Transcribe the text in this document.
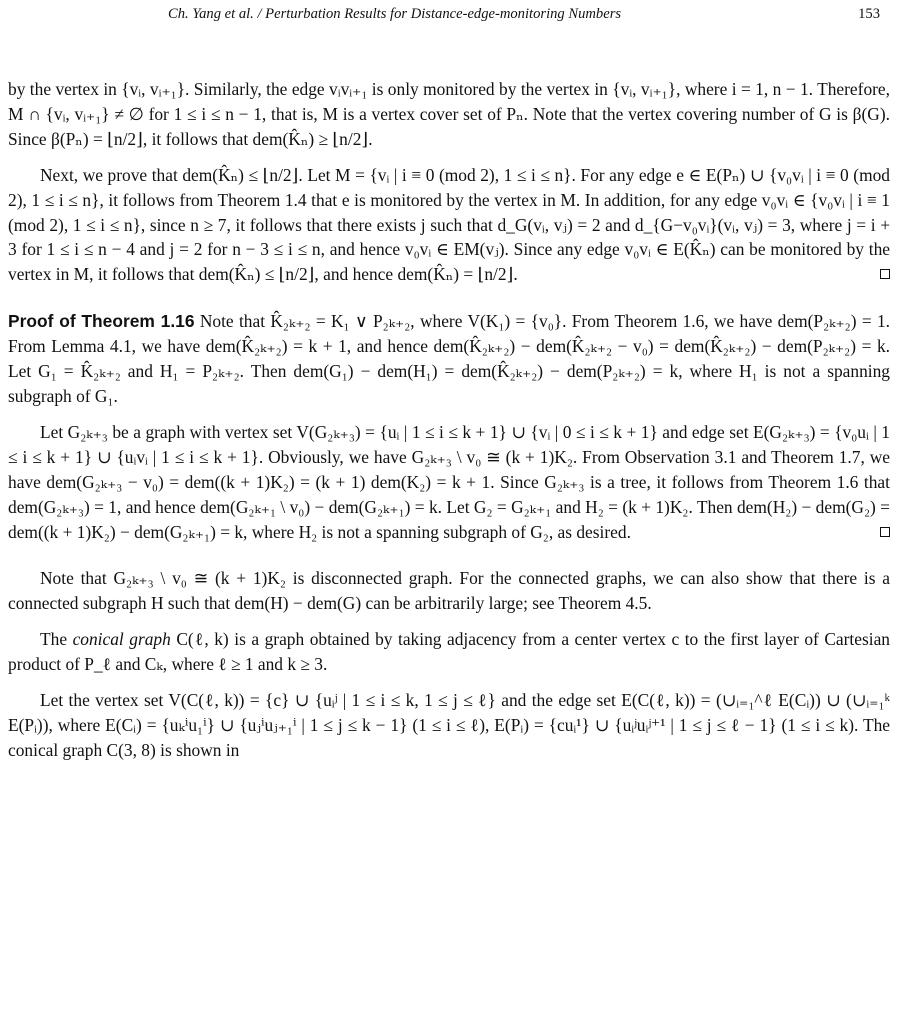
Ch. Yang et al. / Perturbation Results for Distance-edge-monitoring Numbers	153

by the vertex in {vᵢ, vᵢ₊₁}. Similarly, the edge vᵢvᵢ₊₁ is only monitored by the vertex in {vᵢ, vᵢ₊₁}, where i = 1, n − 1. Therefore, M ∩ {vᵢ, vᵢ₊₁} ≠ ∅ for 1 ≤ i ≤ n − 1, that is, M is a vertex cover set of Pₙ. Note that the vertex covering number of G is β(G). Since β(Pₙ) = ⌊n/2⌋, it follows that dem(K̂ₙ) ≥ ⌊n/2⌋.

Next, we prove that dem(K̂ₙ) ≤ ⌊n/2⌋. Let M = {vᵢ | i ≡ 0 (mod 2), 1 ≤ i ≤ n}. For any edge e ∈ E(Pₙ) ∪ {v₀vᵢ | i ≡ 0 (mod 2), 1 ≤ i ≤ n}, it follows from Theorem 1.4 that e is monitored by the vertex in M. In addition, for any edge v₀vᵢ ∈ {v₀vᵢ | i ≡ 1 (mod 2), 1 ≤ i ≤ n}, since n ≥ 7, it follows that there exists j such that d_G(vᵢ, vⱼ) = 2 and d_{G−v₀vᵢ}(vᵢ, vⱼ) = 3, where j = i + 3 for 1 ≤ i ≤ n − 4 and j = 2 for n − 3 ≤ i ≤ n, and hence v₀vᵢ ∈ EM(vⱼ). Since any edge v₀vᵢ ∈ E(K̂ₙ) can be monitored by the vertex in M, it follows that dem(K̂ₙ) ≤ ⌊n/2⌋, and hence dem(K̂ₙ) = ⌊n/2⌋.

Proof of Theorem 1.16 Note that K̂₂ₖ₊₂ = K₁ ∨ P₂ₖ₊₂, where V(K₁) = {v₀}. From Theorem 1.6, we have dem(P₂ₖ₊₂) = 1. From Lemma 4.1, we have dem(K̂₂ₖ₊₂) = k + 1, and hence dem(K̂₂ₖ₊₂) − dem(K̂₂ₖ₊₂ − v₀) = dem(K̂₂ₖ₊₂) − dem(P₂ₖ₊₂) = k. Let G₁ = K̂₂ₖ₊₂ and H₁ = P₂ₖ₊₂. Then dem(G₁) − dem(H₁) = dem(K̂₂ₖ₊₂) − dem(P₂ₖ₊₂) = k, where H₁ is not a spanning subgraph of G₁.

Let G₂ₖ₊₃ be a graph with vertex set V(G₂ₖ₊₃) = {uᵢ | 1 ≤ i ≤ k + 1} ∪ {vᵢ | 0 ≤ i ≤ k + 1} and edge set E(G₂ₖ₊₃) = {v₀uᵢ | 1 ≤ i ≤ k + 1} ∪ {uᵢvᵢ | 1 ≤ i ≤ k + 1}. Obviously, we have G₂ₖ₊₃ \ v₀ ≅ (k + 1)K₂. From Observation 3.1 and Theorem 1.7, we have dem(G₂ₖ₊₃ − v₀) = dem((k + 1)K₂) = (k + 1) dem(K₂) = k + 1. Since G₂ₖ₊₃ is a tree, it follows from Theorem 1.6 that dem(G₂ₖ₊₃) = 1, and hence dem(G₂ₖ₊₁ \ v₀) − dem(G₂ₖ₊₁) = k. Let G₂ = G₂ₖ₊₁ and H₂ = (k + 1)K₂. Then dem(H₂) − dem(G₂) = dem((k + 1)K₂) − dem(G₂ₖ₊₁) = k, where H₂ is not a spanning subgraph of G₂, as desired.

Note that G₂ₖ₊₃ \ v₀ ≅ (k + 1)K₂ is disconnected graph. For the connected graphs, we can also show that there is a connected subgraph H such that dem(H) − dem(G) can be arbitrarily large; see Theorem 4.5.

The conical graph C(ℓ, k) is a graph obtained by taking adjacency from a center vertex c to the first layer of Cartesian product of P_ℓ and Cₖ, where ℓ ≥ 1 and k ≥ 3.

Let the vertex set V(C(ℓ, k)) = {c} ∪ {uᵢʲ | 1 ≤ i ≤ k, 1 ≤ j ≤ ℓ} and the edge set E(C(ℓ, k)) = (∪ᵢ₌₁^ℓ E(Cᵢ)) ∪ (∪ᵢ₌₁ᵏ E(Pᵢ)), where E(Cᵢ) = {uₖⁱu₁ⁱ} ∪ {uⱼⁱuⱼ₊₁ⁱ | 1 ≤ j ≤ k − 1} (1 ≤ i ≤ ℓ), E(Pᵢ) = {cuᵢ¹} ∪ {uᵢʲuᵢʲ⁺¹ | 1 ≤ j ≤ ℓ − 1} (1 ≤ i ≤ k). The conical graph C(3, 8) is shown in
